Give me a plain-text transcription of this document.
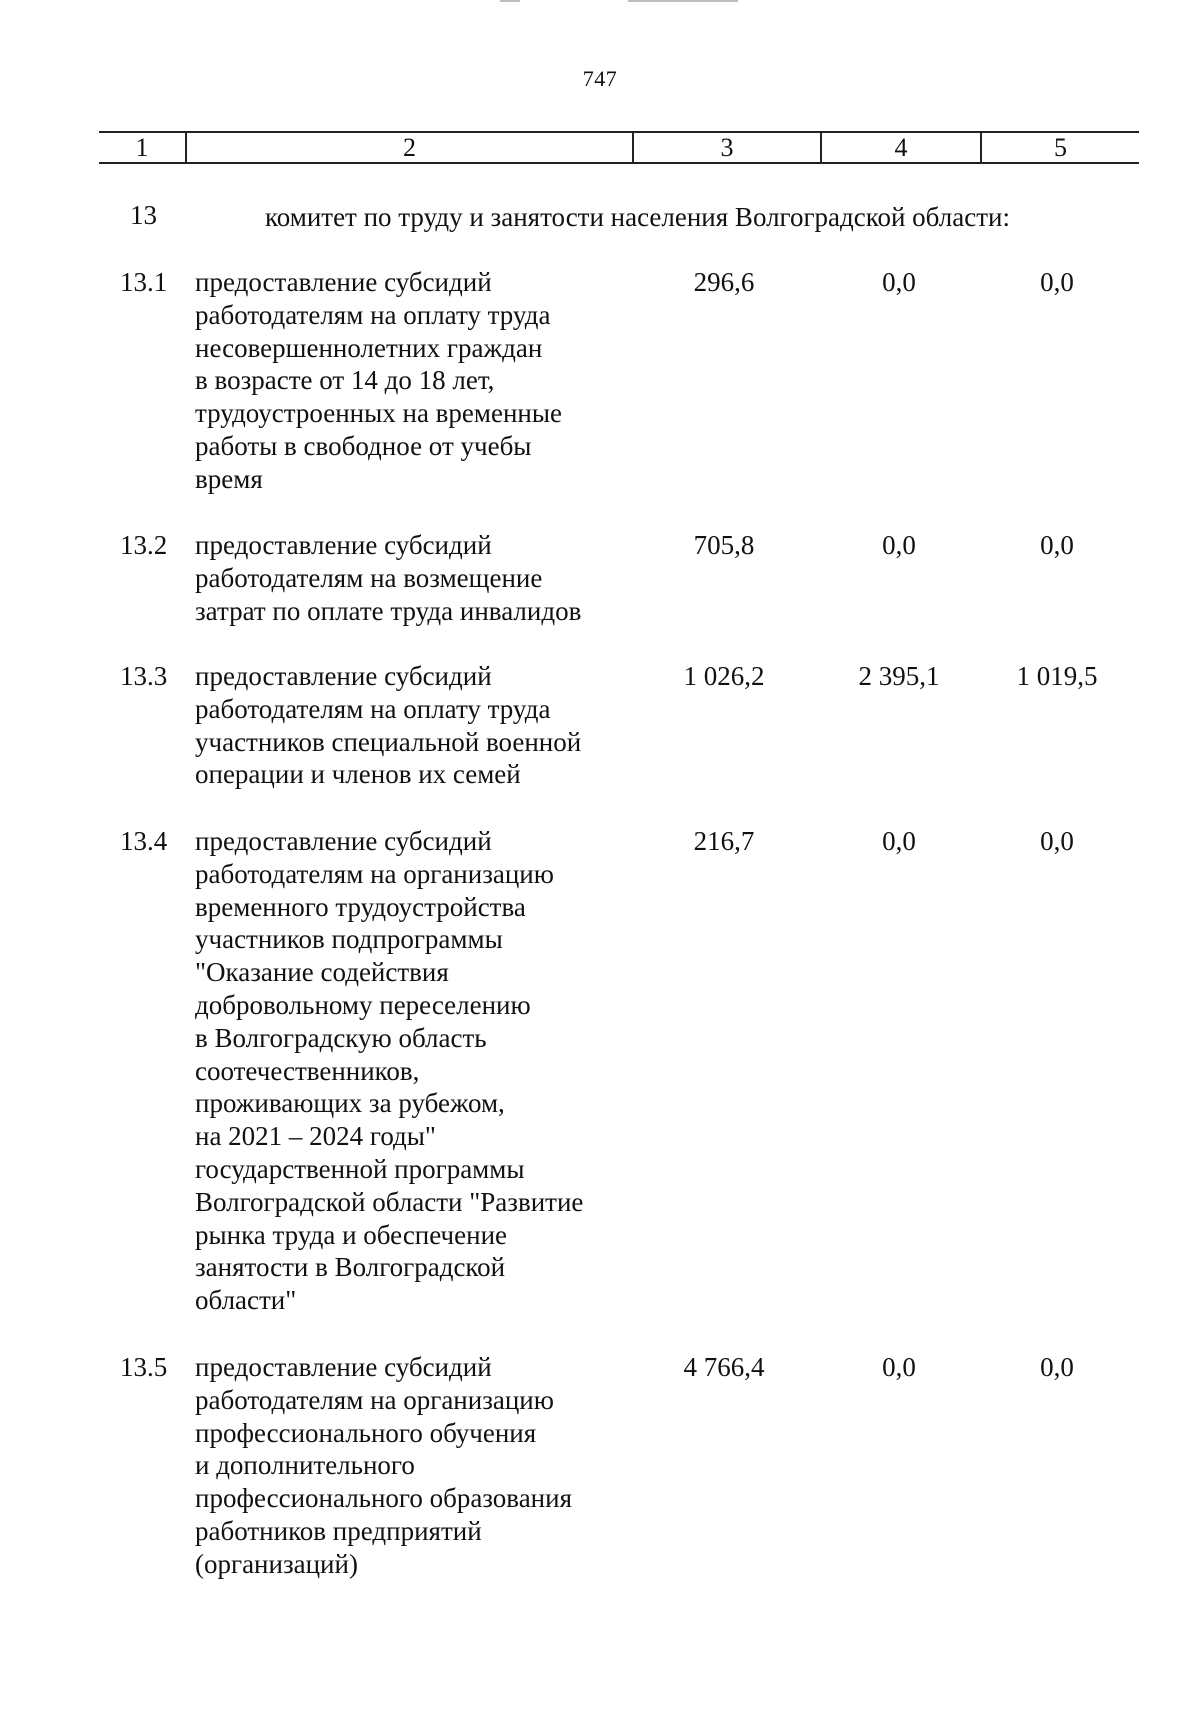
747
1	2	3	4	5
13	комитет по труду и занятости населения Волгоградской области:
13.1 предоставление субсидий
работодателям на оплату труда
несовершеннолетних граждан
в возрасте от 14 до 18 лет,
трудоустроенных на временные
работы в свободное от учебы
время
296,6	0,0	0,0
13.2 предоставление субсидий
работодателям на возмещение
затрат по оплате труда инвалидов
705,8	0,0	0,0
13.3 предоставление субсидий
работодателям на оплату труда
участников специальной военной
операции и членов их семей
1 026,2	2 395,1	1 019,5
13.4 предоставление субсидий
работодателям на организацию
временного трудоустройства
участников подпрограммы
"Оказание содействия
добровольному переселению
в Волгоградскую область
соотечественников,
проживающих за рубежом,
на 2021 – 2024 годы"
государственной программы
Волгоградской области "Развитие
рынка труда и обеспечение
занятости в Волгоградской
области"
216,7	0,0	0,0
13.5 предоставление субсидий
работодателям на организацию
профессионального обучения
и дополнительного
профессионального образования
работников предприятий
(организаций)
4 766,4	0,0	0,0
